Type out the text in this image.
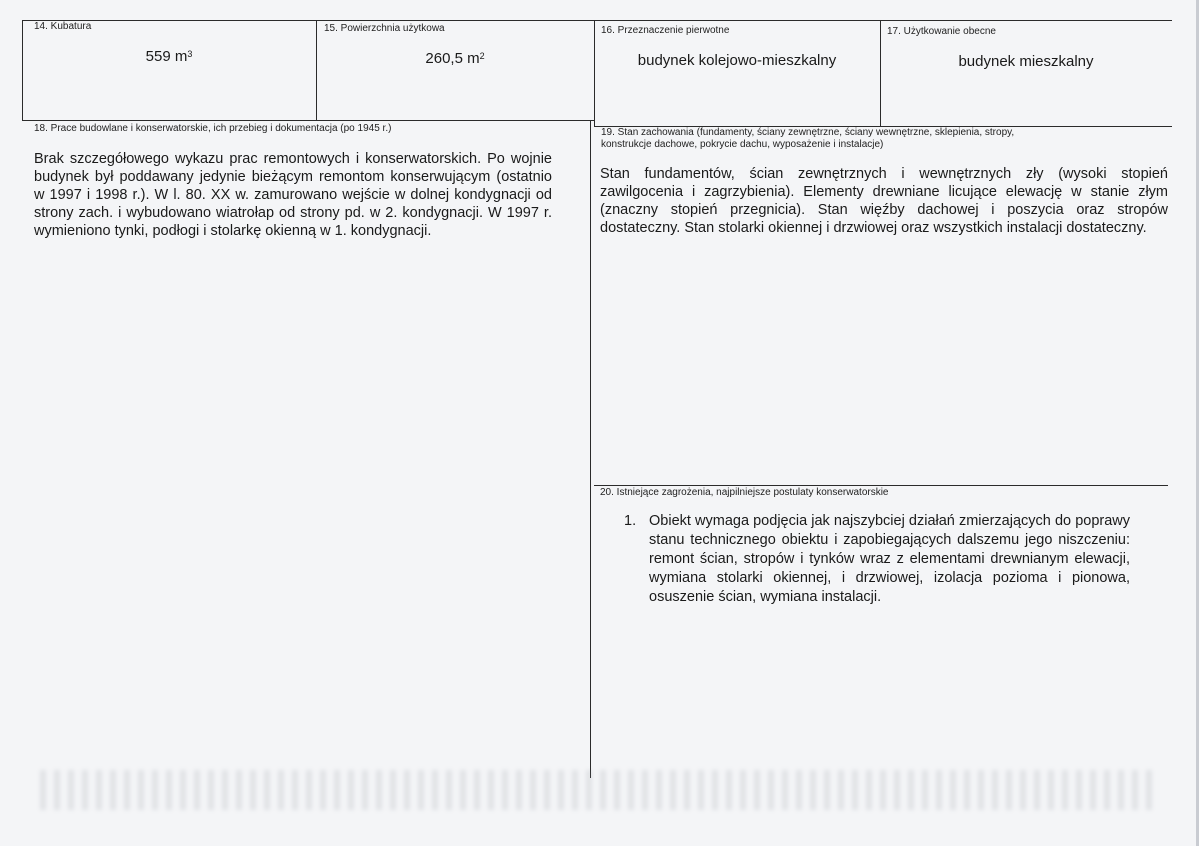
14. Kubatura
559 $m^3$
15. Powierzchnia użytkowa
260,5 $m^2$
16. Przeznaczenie pierwotne
budynek kolejowo-mieszkalny
17. Użytkowanie obecne
budynek mieszkalny
18. Prace budowlane i konserwatorskie, ich przebieg i dokumentacja (po 1945 r.)
Brak szczegółowego wykazu prac remontowych i konserwatorskich. Po wojnie budynek był poddawany jedynie bieżącym remontom konserwującym (ostatnio w 1997 i 1998 r.). W l. 80. XX w. zamurowano wejście w dolnej kondygnacji od strony zach. i wybudowano wiatrołap od strony pd. w 2. kondygnacji. W 1997 r. wymieniono tynki, podłogi i stolarkę okienną w 1. kondygnacji.
19. Stan zachowania (fundamenty, ściany zewnętrzne, ściany wewnętrzne, sklepienia, stropy,
konstrukcje dachowe, pokrycie dachu, wyposażenie i instalacje)
Stan fundamentów, ścian zewnętrznych i wewnętrznych zły (wysoki stopień zawilgocenia i zagrzybienia). Elementy drewniane licujące elewację w stanie złym (znaczny stopień przegnicia). Stan więźby dachowej i poszycia oraz stropów dostateczny. Stan stolarki okiennej i drzwiowej oraz wszystkich instalacji dostateczny.
20. Istniejące zagrożenia, najpilniejsze postulaty konserwatorskie
1. Obiekt wymaga podjęcia jak najszybciej działań zmierzających do poprawy stanu technicznego obiektu i zapobiegających dalszemu jego niszczeniu: remont ścian, stropów i tynków wraz z elementami drewnianym elewacji, wymiana stolarki okiennej, i drzwiowej, izolacja pozioma i pionowa, osuszenie ścian, wymiana instalacji.
